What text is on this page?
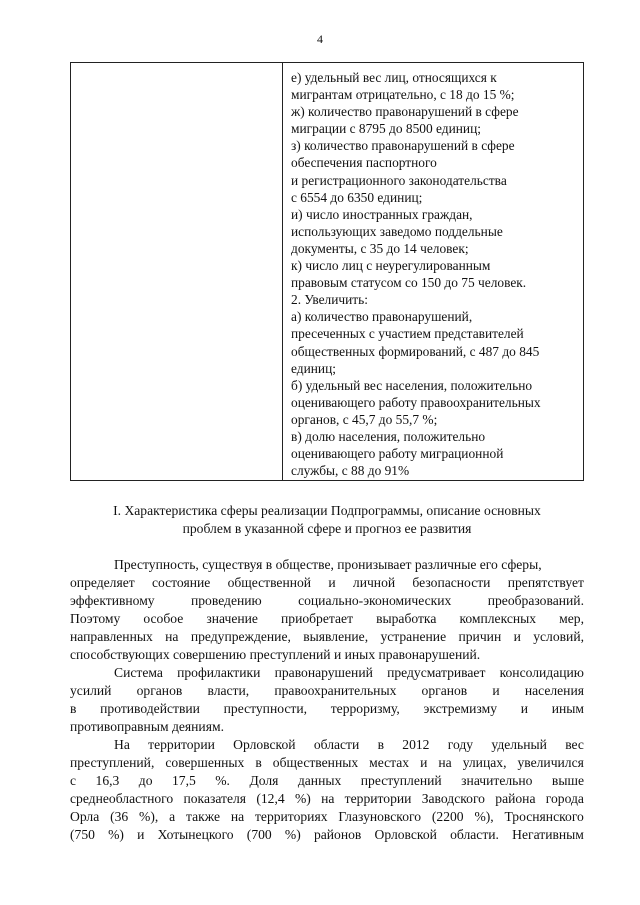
4
е) удельный вес лиц, относящихся к
мигрантам отрицательно, с 18 до 15 %;
ж) количество правонарушений в сфере
миграции с 8795 до 8500 единиц;
з) количество правонарушений в сфере
обеспечения паспортного
и регистрационного законодательства
с 6554 до 6350 единиц;
и) число иностранных граждан,
использующих заведомо поддельные
документы, с 35 до 14 человек;
к) число лиц с неурегулированным
правовым статусом со 150 до 75 человек.
2. Увеличить:
а) количество правонарушений,
пресеченных с участием представителей
общественных формирований, с 487 до 845
единиц;
б) удельный вес населения, положительно
оценивающего работу правоохранительных
органов, с 45,7 до 55,7 %;
в) долю населения, положительно
оценивающего работу миграционной
службы, с 88 до 91%
I. Характеристика сферы реализации Подпрограммы, описание основных
проблем в указанной сфере и прогноз ее развития
Преступность, существуя в обществе, пронизывает различные его сферы,
определяет состояние общественной и личной безопасности препятствует
эффективному	проведению	социально-экономических	преобразований.
Поэтому особое значение приобретает выработка комплексных мер,
направленных на предупреждение, выявление, устранение причин и условий,
способствующих совершению преступлений и иных правонарушений.
Система профилактики правонарушений предусматривает консолидацию
усилий органов власти, правоохранительных органов и населения
в противодействии преступности, терроризму, экстремизму и иным
противоправным деяниям.
На территории Орловской области в 2012 году удельный вес
преступлений, совершенных в общественных местах и на улицах, увеличился
с 16,3 до 17,5 %. Доля данных преступлений значительно выше
среднеобластного показателя (12,4 %) на территории Заводского района города
Орла (36 %), а также на территориях Глазуновского (2200 %), Троснянского
(750 %) и Хотынецкого (700 %) районов Орловской области. Негативным
